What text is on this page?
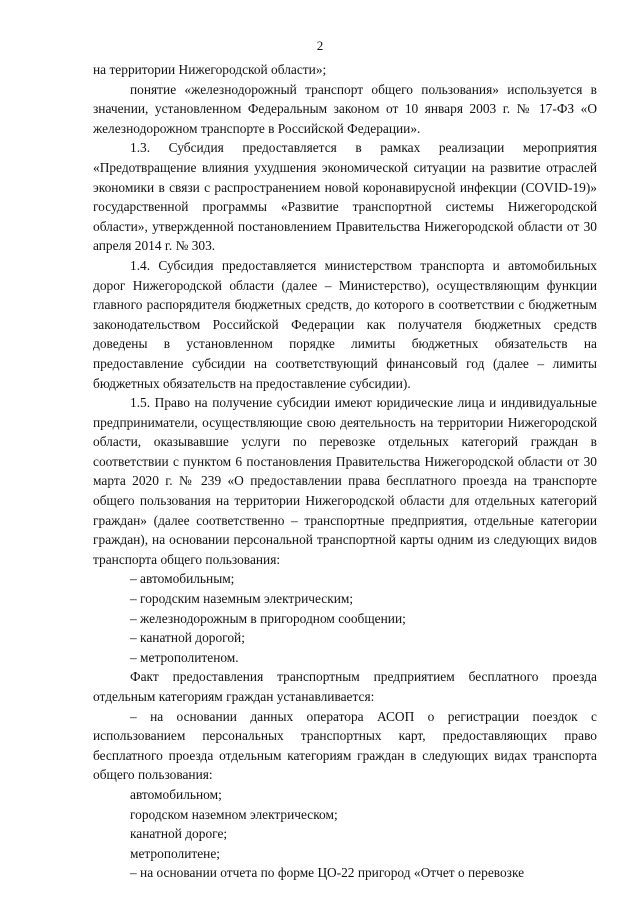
2

на территории Нижегородской области»;

понятие «железнодорожный транспорт общего пользования» используется в значении, установленном Федеральным законом от 10 января 2003 г. № 17-ФЗ «О железнодорожном транспорте в Российской Федерации».

1.3. Субсидия предоставляется в рамках реализации мероприятия «Предотвращение влияния ухудшения экономической ситуации на развитие отраслей экономики в связи с распространением новой коронавирусной инфекции (COVID-19)» государственной программы «Развитие транспортной системы Нижегородской области», утвержденной постановлением Правительства Нижегородской области от 30 апреля 2014 г. № 303.

1.4. Субсидия предоставляется министерством транспорта и автомобильных дорог Нижегородской области (далее – Министерство), осуществляющим функции главного распорядителя бюджетных средств, до которого в соответствии с бюджетным законодательством Российской Федерации как получателя бюджетных средств доведены в установленном порядке лимиты бюджетных обязательств на предоставление субсидии на соответствующий финансовый год (далее – лимиты бюджетных обязательств на предоставление субсидии).

1.5. Право на получение субсидии имеют юридические лица и индивидуальные предприниматели, осуществляющие свою деятельность на территории Нижегородской области, оказывавшие услуги по перевозке отдельных категорий граждан в соответствии с пунктом 6 постановления Правительства Нижегородской области от 30 марта 2020 г. № 239 «О предоставлении права бесплатного проезда на транспорте общего пользования на территории Нижегородской области для отдельных категорий граждан» (далее соответственно – транспортные предприятия, отдельные категории граждан), на основании персональной транспортной карты одним из следующих видов транспорта общего пользования:

– автомобильным;

– городским наземным электрическим;

– железнодорожным в пригородном сообщении;

– канатной дорогой;

– метрополитеном.

Факт предоставления транспортным предприятием бесплатного проезда отдельным категориям граждан устанавливается:

– на основании данных оператора АСОП о регистрации поездок с использованием персональных транспортных карт, предоставляющих право бесплатного проезда отдельным категориям граждан в следующих видах транспорта общего пользования:

автомобильном;

городском наземном электрическом;

канатной дороге;

метрополитене;

– на основании отчета по форме ЦО-22 пригород «Отчет о перевозке
